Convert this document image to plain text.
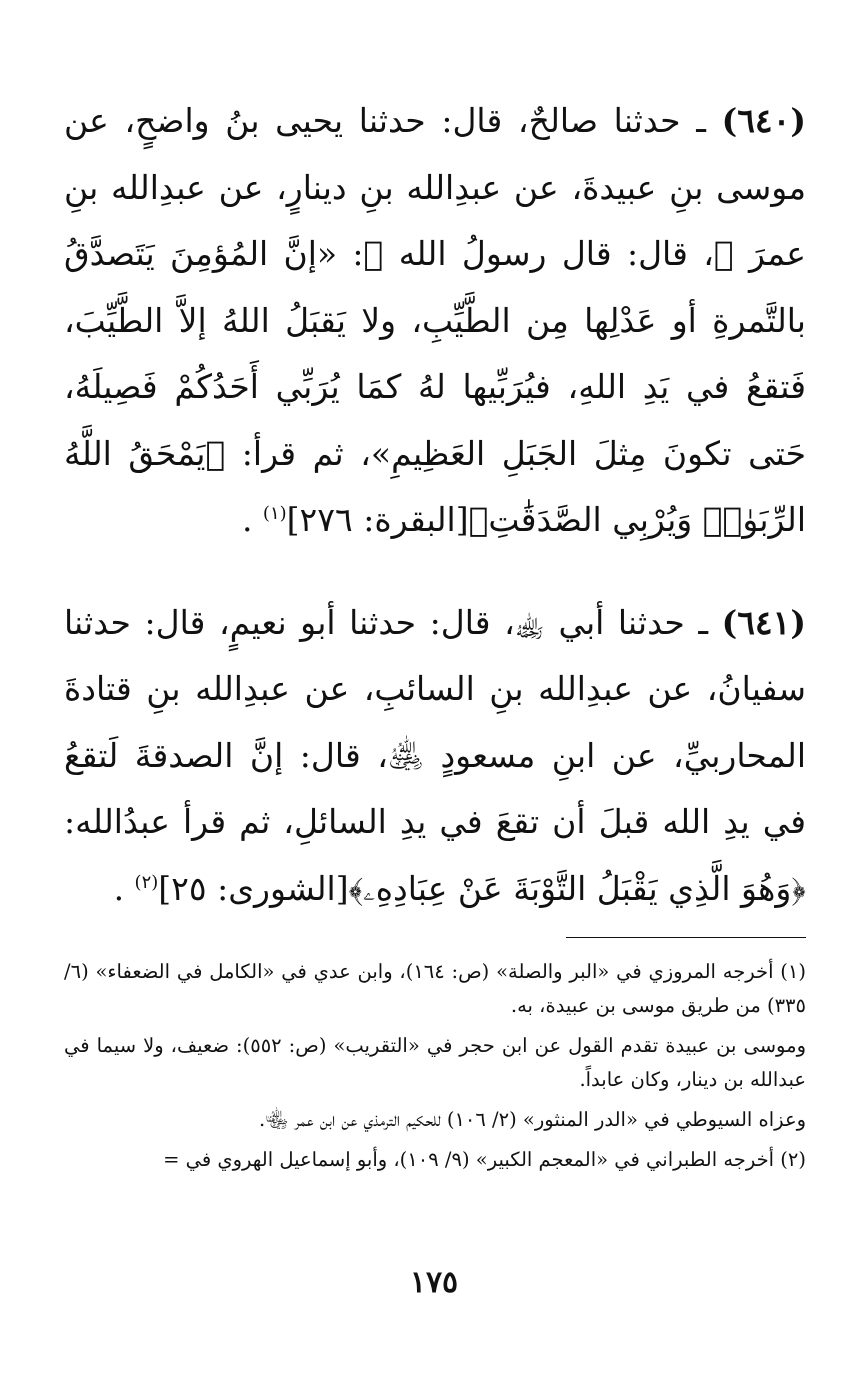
(٦٤٠) ـ حدثنا صالحٌ، قال: حدثنا يحيى بنُ واضحٍ، عن موسى بنِ عبيدةَ، عن عبدِالله بنِ دينارٍ، عن عبدِالله بنِ عمرَ ﵄، قال: قال رسولُ الله ﷺ: «إنَّ المُؤمِنَ يَتَصدَّقُ بالتَّمرةِ أو عَدْلِها مِن الطَّيِّبِ، ولا يَقبَلُ اللهُ إلاَّ الطَّيِّبَ، فَتقعُ في يَدِ اللهِ، فيُرَبِّيها لهُ كمَا يُرَبِّي أَحَدُكُمْ فَصِيلَهُ، حَتى تكونَ مِثلَ الجَبَلِ العَظِيمِ»، ثم قرأ: ﴿يَمْحَقُ اللَّهُ الرِّبَوٰا۟ وَيُرْبِي الصَّدَقَٰتِ﴾[البقرة: ٢٧٦]$^{(١)}$ .

(٦٤١) ـ حدثنا أبي ﵀، قال: حدثنا أبو نعيمٍ، قال: حدثنا سفيانُ، عن عبدِالله بنِ السائبِ، عن عبدِالله بنِ قتادةَ المحاربيِّ، عن ابنِ مسعودٍ ﵁، قال: إنَّ الصدقةَ لَتقعُ في يدِ الله قبلَ أن تقعَ في يدِ السائلِ، ثم قرأ عبدُالله: ﴿وَهُوَ الَّذِي يَقْبَلُ التَّوْبَةَ عَنْ عِبَادِهِۦ﴾[الشورى: ٢٥]$^{(٢)}$ .

(١) أخرجه المروزي في «البر والصلة» (ص: ١٦٤)، وابن عدي في «الكامل في الضعفاء» (٦/ ٣٣٥) من طريق موسى بن عبيدة، به.

وموسى بن عبيدة تقدم القول عن ابن حجر في «التقريب» (ص: ٥٥٢): ضعيف، ولا سيما في عبدالله بن دينار، وكان عابداً.

وعزاه السيوطي في «الدر المنثور» (٢/ ١٠٦) للحكيم الترمذي عن ابن عمر ﵄.

(٢) أخرجه الطبراني في «المعجم الكبير» (٩/ ١٠٩)، وأبو إسماعيل الهروي في =

١٧٥
